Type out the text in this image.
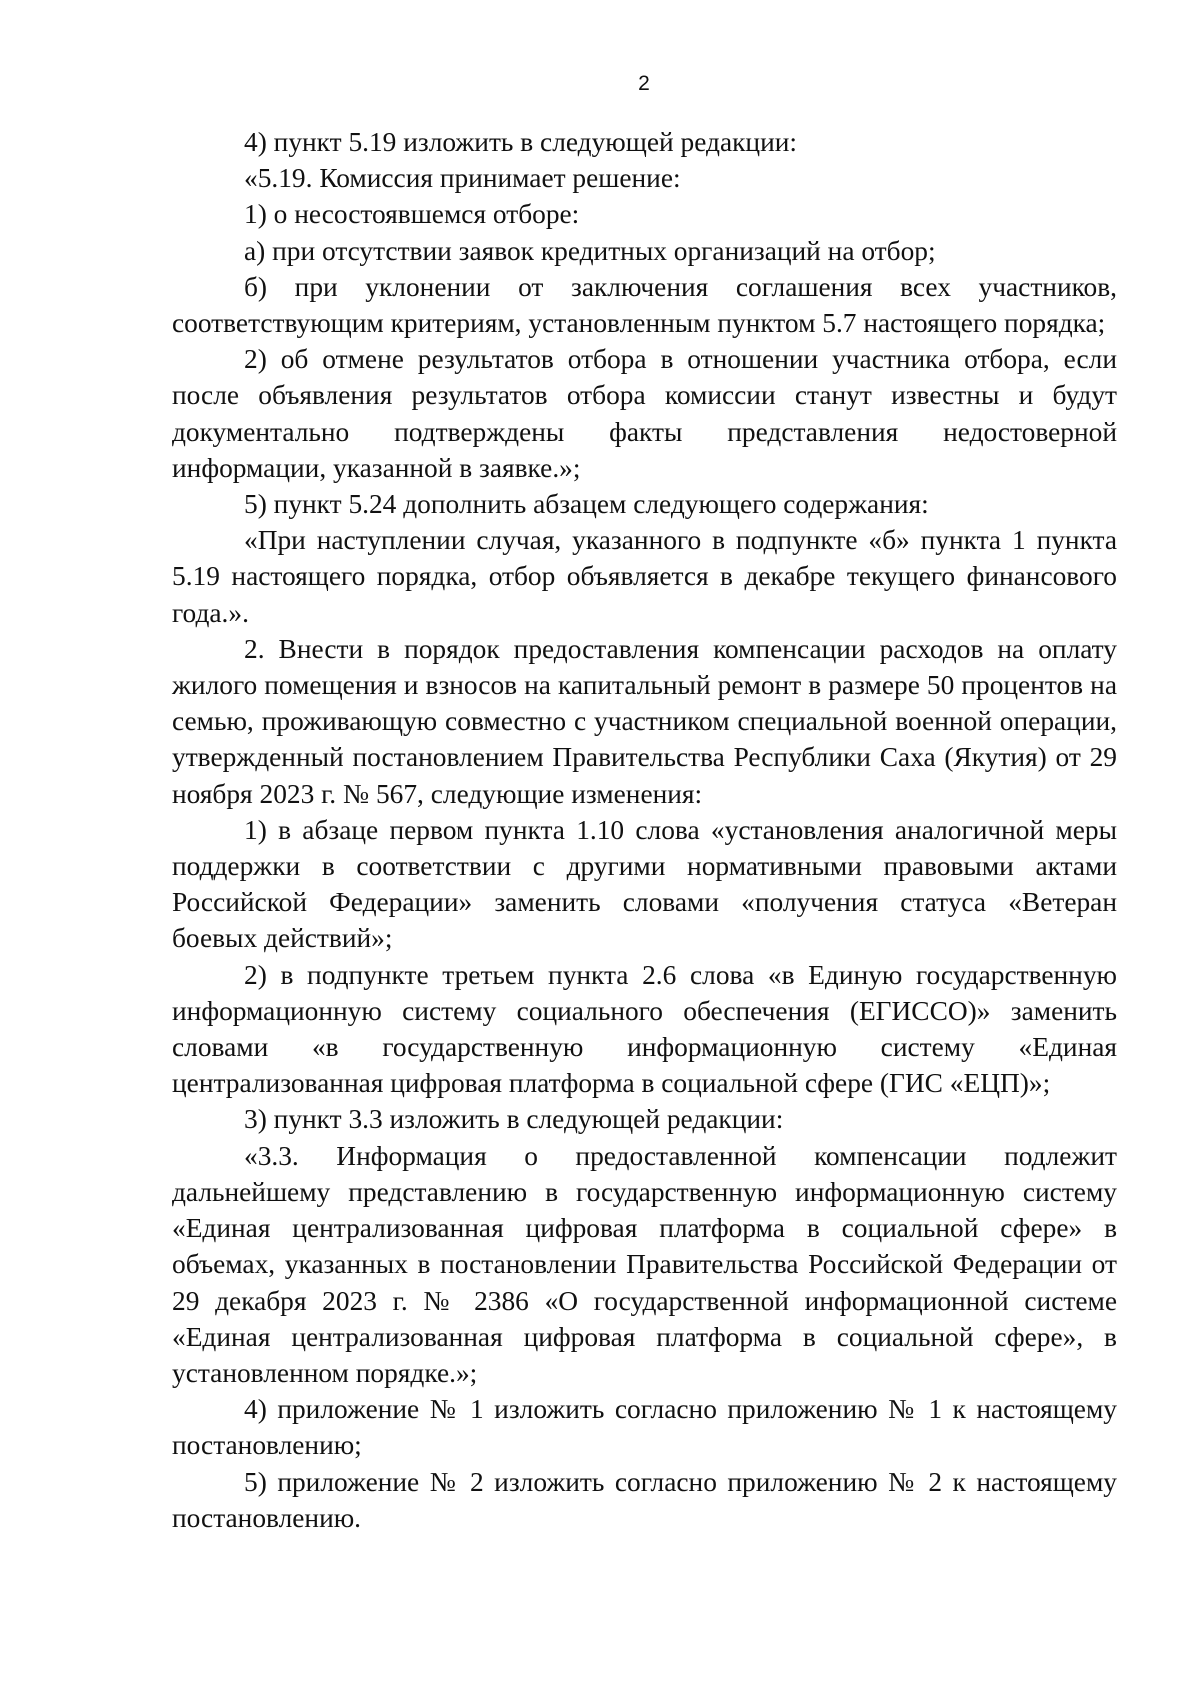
2

4) пункт 5.19 изложить в следующей редакции:

«5.19. Комиссия принимает решение:

1) о несостоявшемся отборе:

а) при отсутствии заявок кредитных организаций на отбор;

б) при уклонении от заключения соглашения всех участников, соответствующим критериям, установленным пунктом 5.7 настоящего порядка;

2) об отмене результатов отбора в отношении участника отбора, если после объявления результатов отбора комиссии станут известны и будут документально подтверждены факты представления недостоверной информации, указанной в заявке.»;

5) пункт 5.24 дополнить абзацем следующего содержания:

«При наступлении случая, указанного в подпункте «б» пункта 1 пункта 5.19 настоящего порядка, отбор объявляется в декабре текущего финансового года.».

2. Внести в порядок предоставления компенсации расходов на оплату жилого помещения и взносов на капитальный ремонт в размере 50 процентов на семью, проживающую совместно с участником специальной военной операции, утвержденный постановлением Правительства Республики Саха (Якутия) от 29 ноября 2023 г. № 567, следующие изменения:

1) в абзаце первом пункта 1.10 слова «установления аналогичной меры поддержки в соответствии с другими нормативными правовыми актами Российской Федерации» заменить словами «получения статуса «Ветеран боевых действий»;

2) в подпункте третьем пункта 2.6 слова «в Единую государственную информационную систему социального обеспечения (ЕГИССО)» заменить словами «в государственную информационную систему «Единая централизованная цифровая платформа в социальной сфере (ГИС «ЕЦП)»;

3) пункт 3.3 изложить в следующей редакции:

«3.3. Информация о предоставленной компенсации подлежит дальнейшему представлению в государственную информационную систему «Единая централизованная цифровая платформа в социальной сфере» в объемах, указанных в постановлении Правительства Российской Федерации от 29 декабря 2023 г. № 2386 «О государственной информационной системе «Единая централизованная цифровая платформа в социальной сфере», в установленном порядке.»;

4) приложение № 1 изложить согласно приложению № 1 к настоящему постановлению;

5) приложение № 2 изложить согласно приложению № 2 к настоящему постановлению.
